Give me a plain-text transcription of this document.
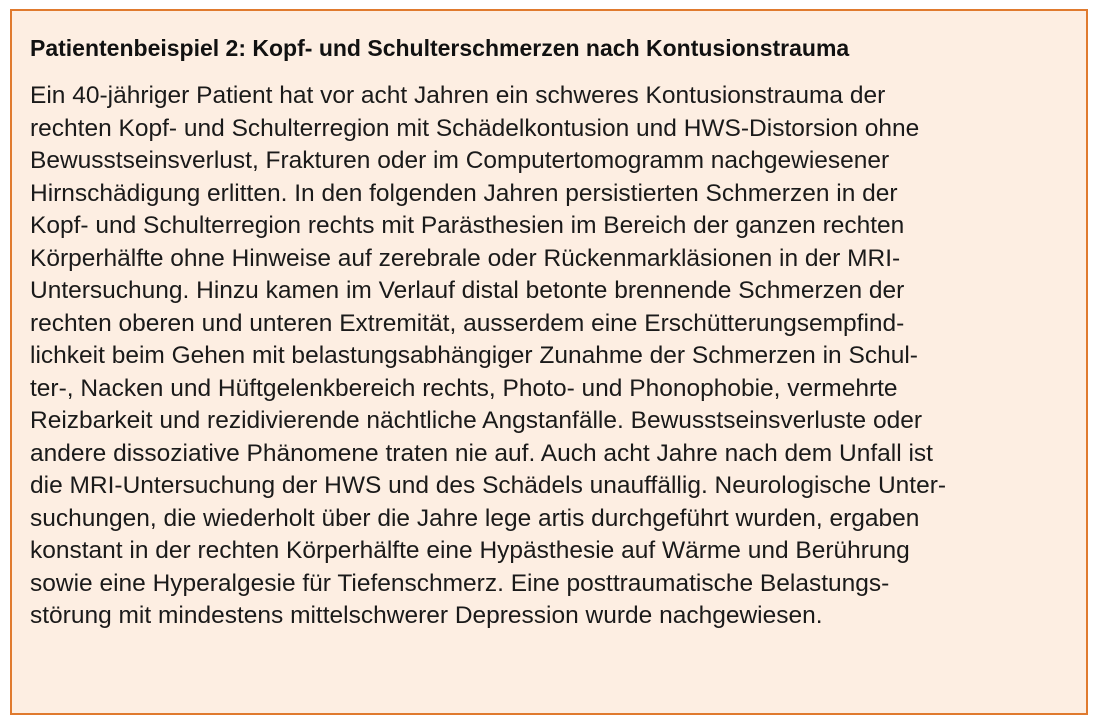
Patientenbeispiel 2: Kopf- und Schulterschmerzen nach Kontusionstrauma

Ein 40-jähriger Patient hat vor acht Jahren ein schweres Kontusionstrauma der
rechten Kopf- und Schulterregion mit Schädelkontusion und HWS-Distorsion ohne
Bewusstseinsverlust, Frakturen oder im Computertomogramm nachgewiesener
Hirnschädigung erlitten. In den folgenden Jahren persistierten Schmerzen in der
Kopf- und Schulterregion rechts mit Parästhesien im Bereich der ganzen rechten
Körperhälfte ohne Hinweise auf zerebrale oder Rückenmarkläsionen in der MRI-
Untersuchung. Hinzu kamen im Verlauf distal betonte brennende Schmerzen der
rechten oberen und unteren Extremität, ausserdem eine Erschütterungsempfind-
lichkeit beim Gehen mit belastungsabhängiger Zunahme der Schmerzen in Schul-
ter-, Nacken und Hüftgelenkbereich rechts, Photo- und Phonophobie, vermehrte
Reizbarkeit und rezidivierende nächtliche Angstanfälle. Bewusstseinsverluste oder
andere dissoziative Phänomene traten nie auf. Auch acht Jahre nach dem Unfall ist
die MRI-Untersuchung der HWS und des Schädels unauffällig. Neurologische Unter-
suchungen, die wiederholt über die Jahre lege artis durchgeführt wurden, ergaben
konstant in der rechten Körperhälfte eine Hypästhesie auf Wärme und Berührung
sowie eine Hyperalgesie für Tiefenschmerz. Eine posttraumatische Belastungs-
störung mit mindestens mittelschwerer Depression wurde nachgewiesen.
